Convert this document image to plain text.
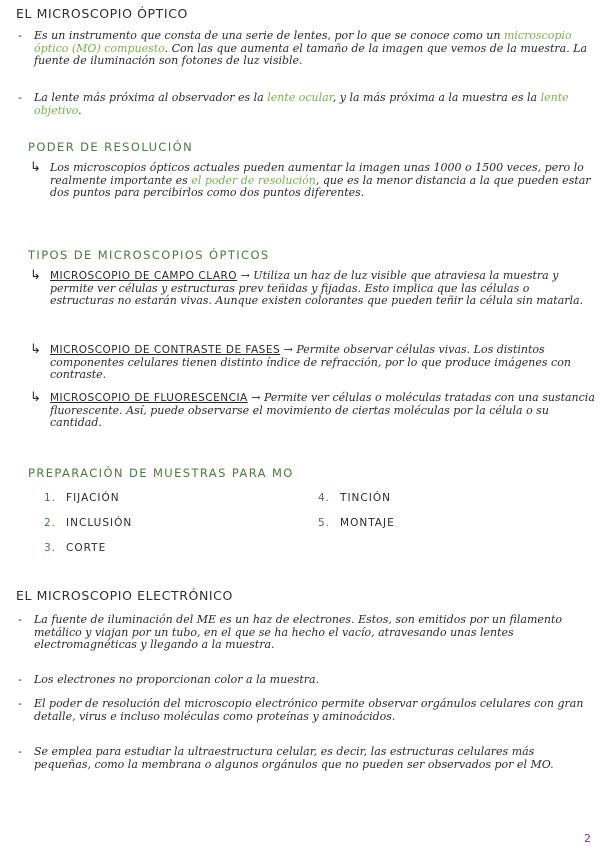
EL MICROSCOPIO ÓPTICO
-	Es un instrumento que consta de una serie de lentes, por lo que se conoce como un microscopio óptico (MO) compuesto. Con las que aumenta el tamaño de la imagen que vemos de la muestra. La fuente de iluminación son fotones de luz visible.
-	La lente más próxima al observador es la lente ocular, y la más próxima a la muestra es la lente objetivo.
PODER DE RESOLUCIÓN
↳ Los microscopios ópticos actuales pueden aumentar la imagen unas 1000 o 1500 veces, pero lo realmente importante es el poder de resolución, que es la menor distancia a la que pueden estar dos puntos para percibirlos como dos puntos diferentes.
TIPOS DE MICROSCOPIOS ÓPTICOS
↳ MICROSCOPIO DE CAMPO CLARO → Utiliza un haz de luz visible que atraviesa la muestra y permite ver células y estructuras prev teñidas y fijadas. Esto implica que las células o estructuras no estarán vivas. Aunque existen colorantes que pueden teñir la célula sin matarla.
↳ MICROSCOPIO DE CONTRASTE DE FASES → Permite observar células vivas. Los distintos componentes celulares tienen distinto índice de refracción, por lo que produce imágenes con contraste.
↳ MICROSCOPIO DE FLUORESCENCIA → Permite ver células o moléculas tratadas con una sustancia fluorescente. Así, puede observarse el movimiento de ciertas moléculas por la célula o su cantidad.
PREPARACIÓN DE MUESTRAS PARA MO
1. FIJACIÓN
2. INCLUSIÓN
3. CORTE
4. TINCIÓN
5. MONTAJE
EL MICROSCOPIO ELECTRÓNICO
-	La fuente de iluminación del ME es un haz de electrones. Estos, son emitidos por un filamento metálico y viajan por un tubo, en el que se ha hecho el vacío, atravesando unas lentes electromagnéticas y llegando a la muestra.
-	Los electrones no proporcionan color a la muestra.
-	El poder de resolución del microscopio electrónico permite observar orgánulos celulares con gran detalle, virus e incluso moléculas como proteínas y aminoácidos.
-	Se emplea para estudiar la ultraestructura celular, es decir, las estructuras celulares más pequeñas, como la membrana o algunos orgánulos que no pueden ser observados por el MO.
2
